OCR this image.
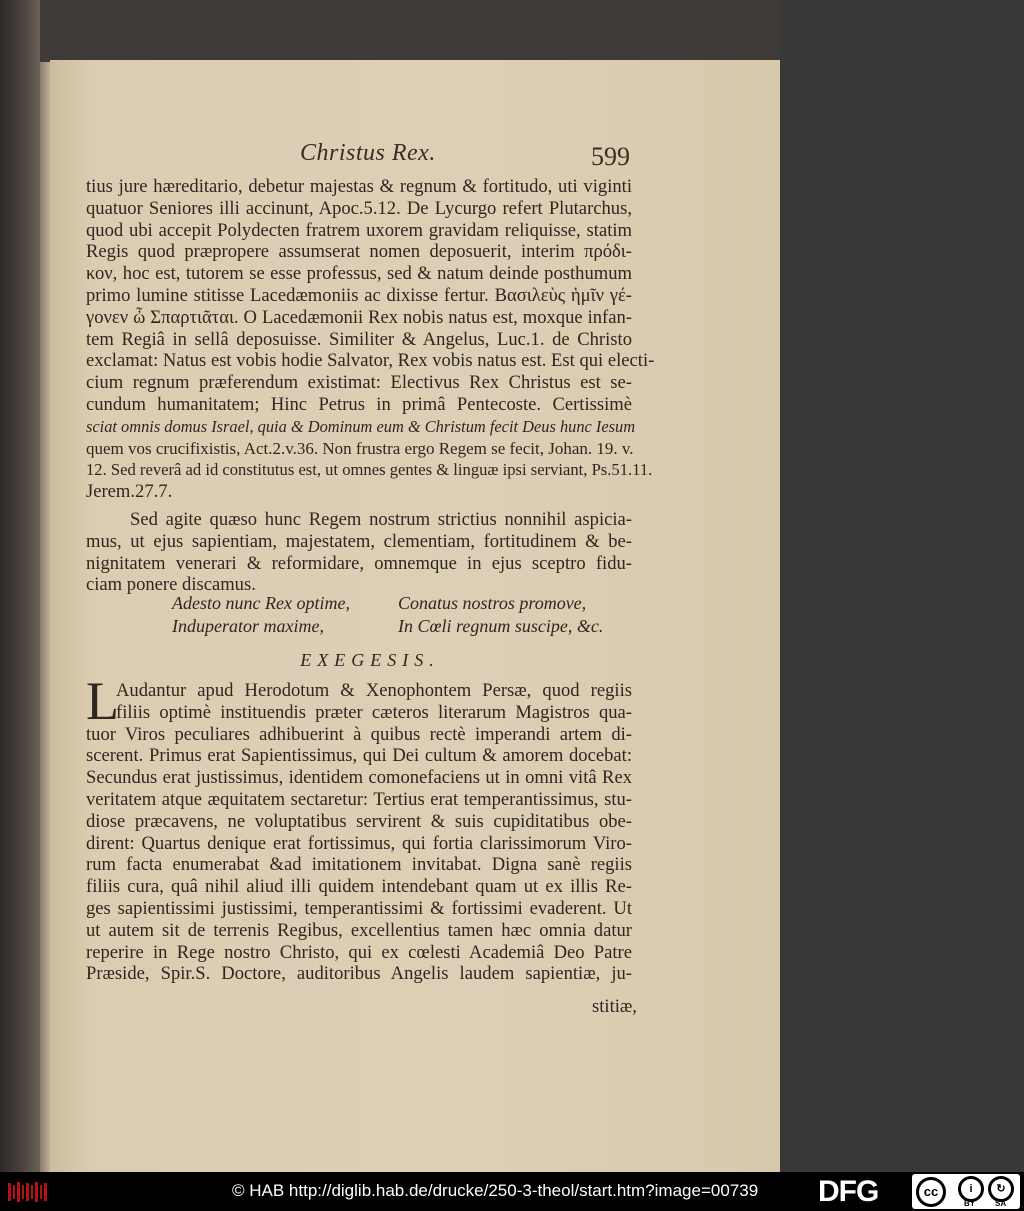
Christus Rex.	599
tius jure hæreditario, debetur majestas & regnum & fortitudo, uti viginti
quatuor Seniores illi accinunt, Apoc.5.12. De Lycurgo refert Plutarchus,
quod ubi accepit Polydecten fratrem uxorem gravidam reliquisse, statim
Regis quod præpropere assumserat nomen deposuerit, interim πρόδι-
κον, hoc est, tutorem se esse professus, sed & natum deinde posthumum
primo lumine stitisse Lacedæmoniis ac dixisse fertur. Βασιλεὺς ἡμῖν γέ-
γονεν ὦ Σπαρτιᾶται. O Lacedæmonii Rex nobis natus est, moxque infan-
tem Regiâ in sellâ deposuisse. Similiter & Angelus, Luc.1. de Christo
exclamat: Natus est vobis hodie Salvator, Rex vobis natus est. Est qui electi-
cium regnum præferendum existimat: Electivus Rex Christus est se-
cundum humanitatem; Hinc Petrus in primâ Pentecoste. Certissimè
sciat omnis domus Israel, quia & Dominum eum & Christum fecit Deus hunc Iesum
quem vos crucifixistis, Act.2.v.36. Non frustra ergo Regem se fecit, Johan. 19. v.
12. Sed reverâ ad id constitutus est, ut omnes gentes & linguæ ipsi serviant, Ps.51.11.
Jerem.27.7.
Sed agite quæso hunc Regem nostrum strictius nonnihil aspicia-
mus, ut ejus sapientiam, majestatem, clementiam, fortitudinem & be-
nignitatem venerari & reformidare, omnemque in ejus sceptro fidu-
ciam ponere discamus.
Adesto nunc Rex optime,	Conatus nostros promove,
Induperator maxime,	In Cœli regnum suscipe, &c.
EXEGESIS.
L
Audantur apud Herodotum & Xenophontem Persæ, quod regiis
filiis optimè instituendis præter cæteros literarum Magistros qua-
tuor Viros peculiares adhibuerint à quibus rectè imperandi artem di-
scerent. Primus erat Sapientissimus, qui Dei cultum & amorem docebat:
Secundus erat justissimus, identidem comonefaciens ut in omni vitâ Rex
veritatem atque æquitatem sectaretur: Tertius erat temperantissimus, stu-
diose præcavens, ne voluptatibus servirent & suis cupiditatibus obe-
dirent: Quartus denique erat fortissimus, qui fortia clarissimorum Viro-
rum facta enumerabat &ad imitationem invitabat. Digna sanè regiis
filiis cura, quâ nihil aliud illi quidem intendebant quam ut ex illis Re-
ges sapientissimi justissimi, temperantissimi & fortissimi evaderent. Ut
ut autem sit de terrenis Regibus, excellentius tamen hæc omnia datur
reperire in Rege nostro Christo, qui ex cœlesti Academiâ Deo Patre
Præside, Spir.S. Doctore, auditoribus Angelis laudem sapientiæ, ju-
stitiæ,
© HAB http://diglib.hab.de/drucke/250-3-theol/start.htm?image=00739 DFG	cc	i
BY
↻
SA
